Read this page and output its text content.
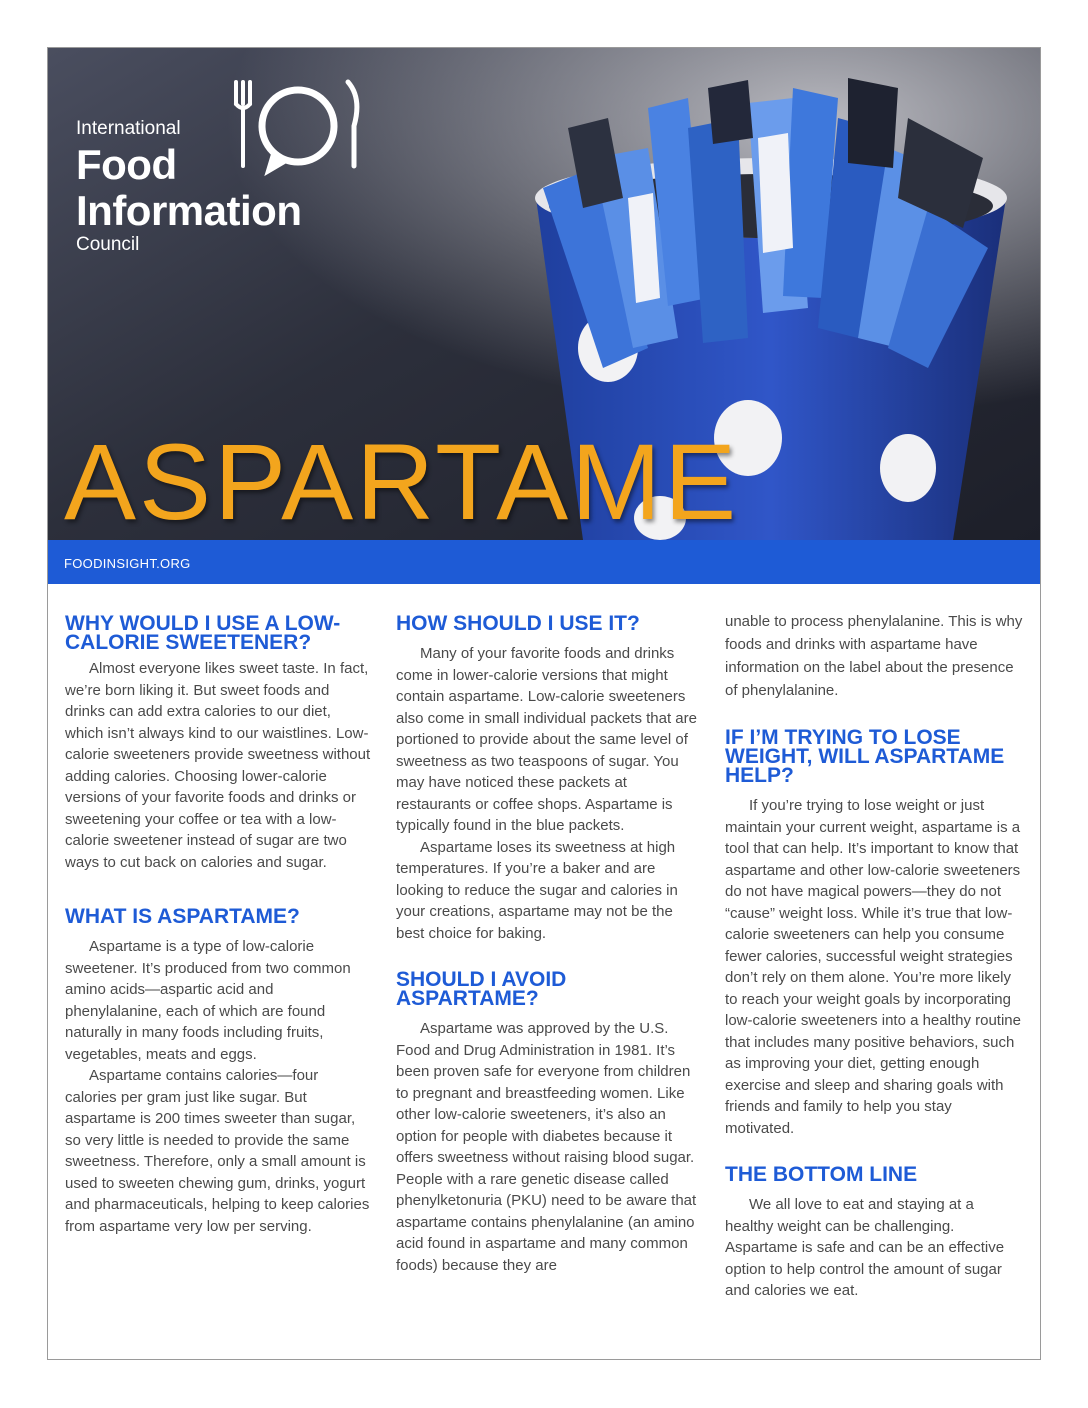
International
Food
Information
Council
ASPARTAME
FOODINSIGHT.ORG
WHY WOULD I USE A LOW-CALORIE SWEETENER?

Almost everyone likes sweet taste. In fact, we’re born liking it. But sweet foods and drinks can add extra calories to our diet, which isn’t always kind to our waistlines. Low-calorie sweeteners provide sweetness without adding calories. Choosing lower-calorie versions of your favorite foods and drinks or sweetening your coffee or tea with a low-calorie sweetener instead of sugar are two ways to cut back on calories and sugar.

WHAT IS ASPARTAME?

Aspartame is a type of low-calorie sweetener. It’s produced from two common amino acids—aspartic acid and phenylalanine, each of which are found naturally in many foods including fruits, vegetables, meats and eggs.

Aspartame contains calories—four calories per gram just like sugar. But aspartame is 200 times sweeter than sugar, so very little is needed to provide the same sweetness. Therefore, only a small amount is used to sweeten chewing gum, drinks, yogurt and pharmaceuticals, helping to keep calories from aspartame very low per serving.

HOW SHOULD I USE IT?

Many of your favorite foods and drinks come in lower-calorie versions that might contain aspartame. Low-calorie sweeteners also come in small individual packets that are portioned to provide about the same level of sweetness as two teaspoons of sugar. You may have noticed these packets at restaurants or coffee shops. Aspartame is typically found in the blue packets.

Aspartame loses its sweetness at high temperatures. If you’re a baker and are looking to reduce the sugar and calories in your creations, aspartame may not be the best choice for baking.

SHOULD I AVOID ASPARTAME?

Aspartame was approved by the U.S. Food and Drug Administration in 1981. It’s been proven safe for everyone from children to pregnant and breastfeeding women. Like other low-calorie sweeteners, it’s also an option for people with diabetes because it offers sweetness without raising blood sugar. People with a rare genetic disease called phenylketonuria (PKU) need to be aware that aspartame contains phenylalanine (an amino acid found in aspartame and many common foods) because they are

unable to process phenylalanine. This is why foods and drinks with aspartame have information on the label about the presence of phenylalanine.

IF I’M TRYING TO LOSE WEIGHT, WILL ASPARTAME HELP?

If you’re trying to lose weight or just maintain your current weight, aspartame is a tool that can help. It’s important to know that aspartame and other low-calorie sweeteners do not have magical powers—they do not “cause” weight loss. While it’s true that low-calorie sweeteners can help you consume fewer calories, successful weight strategies don’t rely on them alone. You’re more likely to reach your weight goals by incorporating low-calorie sweeteners into a healthy routine that includes many positive behaviors, such as improving your diet, getting enough exercise and sleep and sharing goals with friends and family to help you stay motivated.

THE BOTTOM LINE

We all love to eat and staying at a healthy weight can be challenging. Aspartame is safe and can be an effective option to help control the amount of sugar and calories we eat.
